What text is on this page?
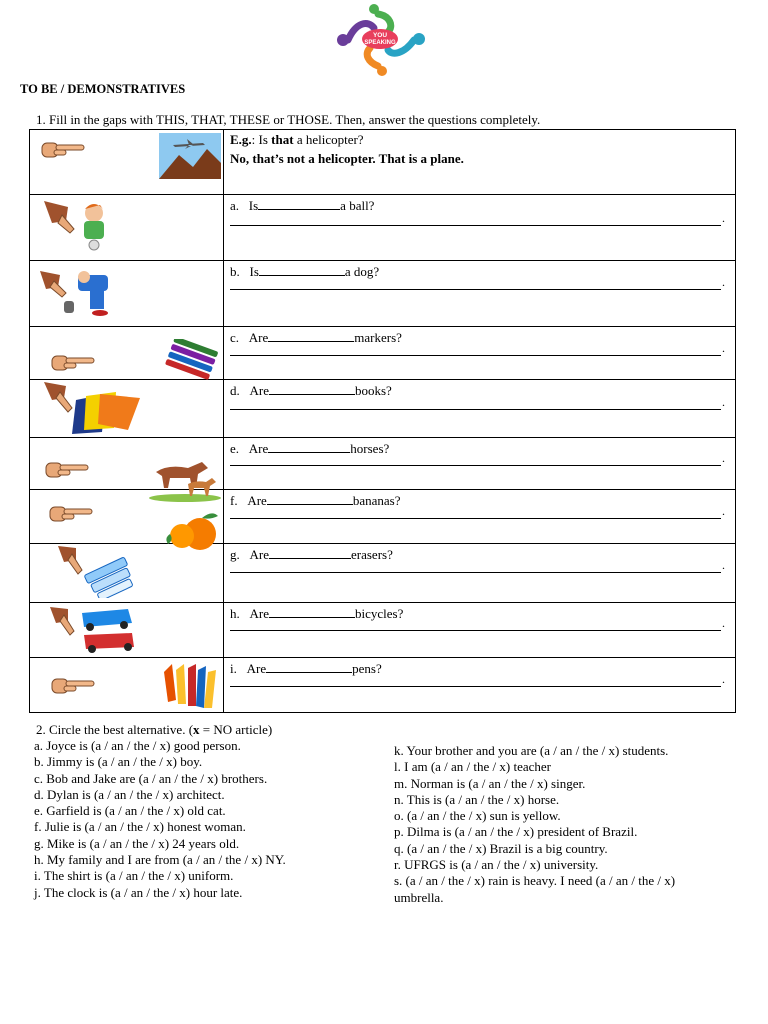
YOU
SPEAKING
TO BE / DEMONSTRATIVES
1. Fill in the gaps with THIS, THAT, THESE or THOSE. Then, answer the questions completely.

E.g.: Is that a helicopter?
No, that’s not a helicopter. That is a plane.

a. Is a ball?
.

b. Is a dog?
.

c. Are markers?
.

d. Are books?
.

e. Are horses?
.

f. Are bananas?
.

g. Are erasers?
.

h. Are bicycles?
.

i. Are pens?
.
2. Circle the best alternative. (x = NO article)
a. Joyce is (a / an / the / x) good person.
b. Jimmy is (a / an / the / x) boy.
c. Bob and Jake are (a / an / the / x) brothers.
d. Dylan is (a / an / the / x) architect.
e. Garfield is (a / an / the / x) old cat.
f. Julie is (a / an / the / x) honest woman.
g. Mike is (a / an / the / x) 24 years old.
h. My family and I are from (a / an / the / x) NY.
i. The shirt is (a / an / the / x) uniform.
j. The clock is (a / an / the / x) hour late.
k. Your brother and you are (a / an / the / x) students.
l. I am (a / an / the / x) teacher
m. Norman is (a / an / the / x) singer.
n. This is (a / an / the / x) horse.
o. (a / an / the / x) sun is yellow.
p. Dilma is (a / an / the / x) president of Brazil.
q. (a / an / the / x) Brazil is a big country.
r. UFRGS is (a / an / the / x) university.
s. (a / an / the / x) rain is heavy. I need (a / an / the / x)
umbrella.
